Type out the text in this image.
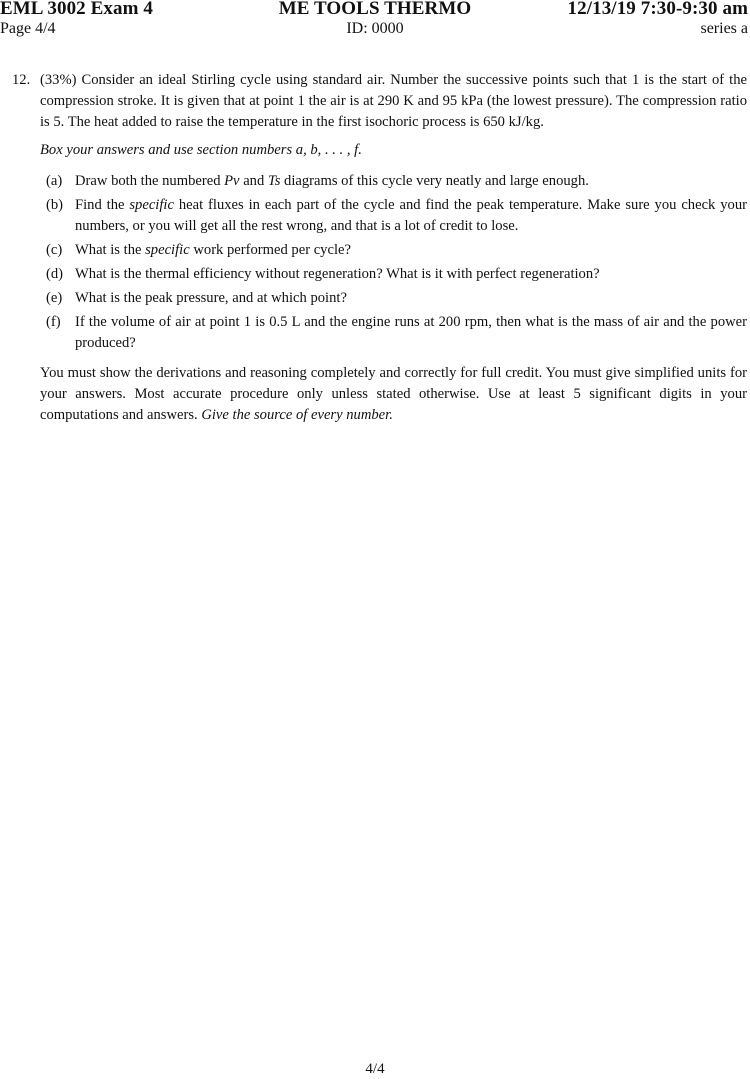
EML 3002 Exam 4	ME TOOLS THERMO	12/13/19 7:30-9:30 am
Page 4/4	ID: 0000	series a
12. (33%) Consider an ideal Stirling cycle using standard air. Number the successive points such that 1 is the start of the compression stroke. It is given that at point 1 the air is at 290 K and 95 kPa (the lowest pressure). The compression ratio is 5. The heat added to raise the temperature in the first isochoric process is 650 kJ/kg.

Box your answers and use section numbers a, b, . . . , f.

(a) Draw both the numbered Pv and Ts diagrams of this cycle very neatly and large enough.
(b) Find the specific heat fluxes in each part of the cycle and find the peak temperature. Make sure you check your numbers, or you will get all the rest wrong, and that is a lot of credit to lose.
(c) What is the specific work performed per cycle?
(d) What is the thermal efficiency without regeneration? What is it with perfect regeneration?
(e) What is the peak pressure, and at which point?
(f) If the volume of air at point 1 is 0.5 L and the engine runs at 200 rpm, then what is the mass of air and the power produced?

You must show the derivations and reasoning completely and correctly for full credit. You must give simplified units for your answers. Most accurate procedure only unless stated otherwise. Use at least 5 significant digits in your computations and answers. Give the source of every number.

4/4
